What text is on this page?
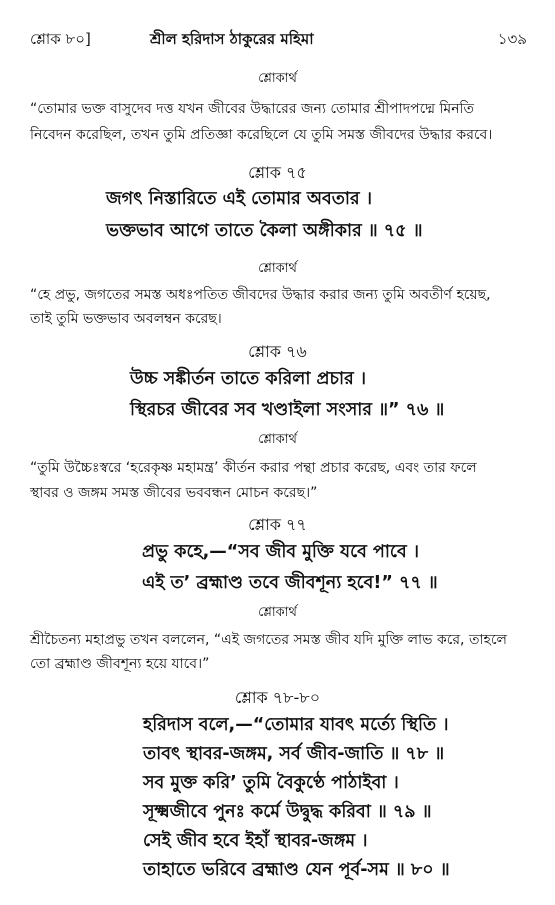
শ্লোক ৮০]	শ্রীল হরিদাস ঠাকুরের মহিমা	১৩৯
শ্লোকার্থ
“তোমার ভক্ত বাসুদেব দত্ত যখন জীবের উদ্ধারের জন্য তোমার শ্রীপাদপদ্মে মিনতি
নিবেদন করেছিল, তখন তুমি প্রতিজ্ঞা করেছিলে যে তুমি সমস্ত জীবদের উদ্ধার করবে।
শ্লোক ৭৫
জগৎ নিস্তারিতে এই তোমার অবতার ।
ভক্তভাব আগে তাতে কৈলা অঙ্গীকার ॥ ৭৫ ॥
শ্লোকার্থ
“হে প্রভু, জগতের সমস্ত অধঃপতিত জীবদের উদ্ধার করার জন্য তুমি অবতীর্ণ হয়েছ,
তাই তুমি ভক্তভাব অবলম্বন করেছ।
শ্লোক ৭৬
উচ্চ সঙ্কীর্তন তাতে করিলা প্রচার ।
স্থিরচর জীবের সব খণ্ডাইলা সংসার ॥” ৭৬ ॥
শ্লোকার্থ
“তুমি উচ্চৈঃস্বরে ‘হরেকৃষ্ণ মহামন্ত্র’ কীর্তন করার পন্থা প্রচার করেছ, এবং তার ফলে
স্থাবর ও জঙ্গম সমস্ত জীবের ভববন্ধন মোচন করেছ।”
শ্লোক ৭৭
প্রভু কহে,—“সব জীব মুক্তি যবে পাবে ।
এই ত’ ব্রহ্মাণ্ড তবে জীবশূন্য হবে!” ৭৭ ॥
শ্লোকার্থ
শ্রীচৈতন্য মহাপ্রভু তখন বললেন, “এই জগতের সমস্ত জীব যদি মুক্তি লাভ করে, তাহলে
তো ব্রহ্মাণ্ড জীবশূন্য হয়ে যাবে।”
শ্লোক ৭৮-৮০
হরিদাস বলে,—“তোমার যাবৎ মর্ত্যে স্থিতি ।
তাবৎ স্থাবর-জঙ্গম, সর্ব জীব-জাতি ॥ ৭৮ ॥
সব মুক্ত করি’ তুমি বৈকুণ্ঠে পাঠাইবা ।
সূক্ষ্মজীবে পুনঃ কর্মে উদ্বুদ্ধ করিবা ॥ ৭৯ ॥
সেই জীব হবে ইহাঁ স্থাবর-জঙ্গম ।
তাহাতে ভরিবে ব্রহ্মাণ্ড যেন পূর্ব-সম ॥ ৮০ ॥
